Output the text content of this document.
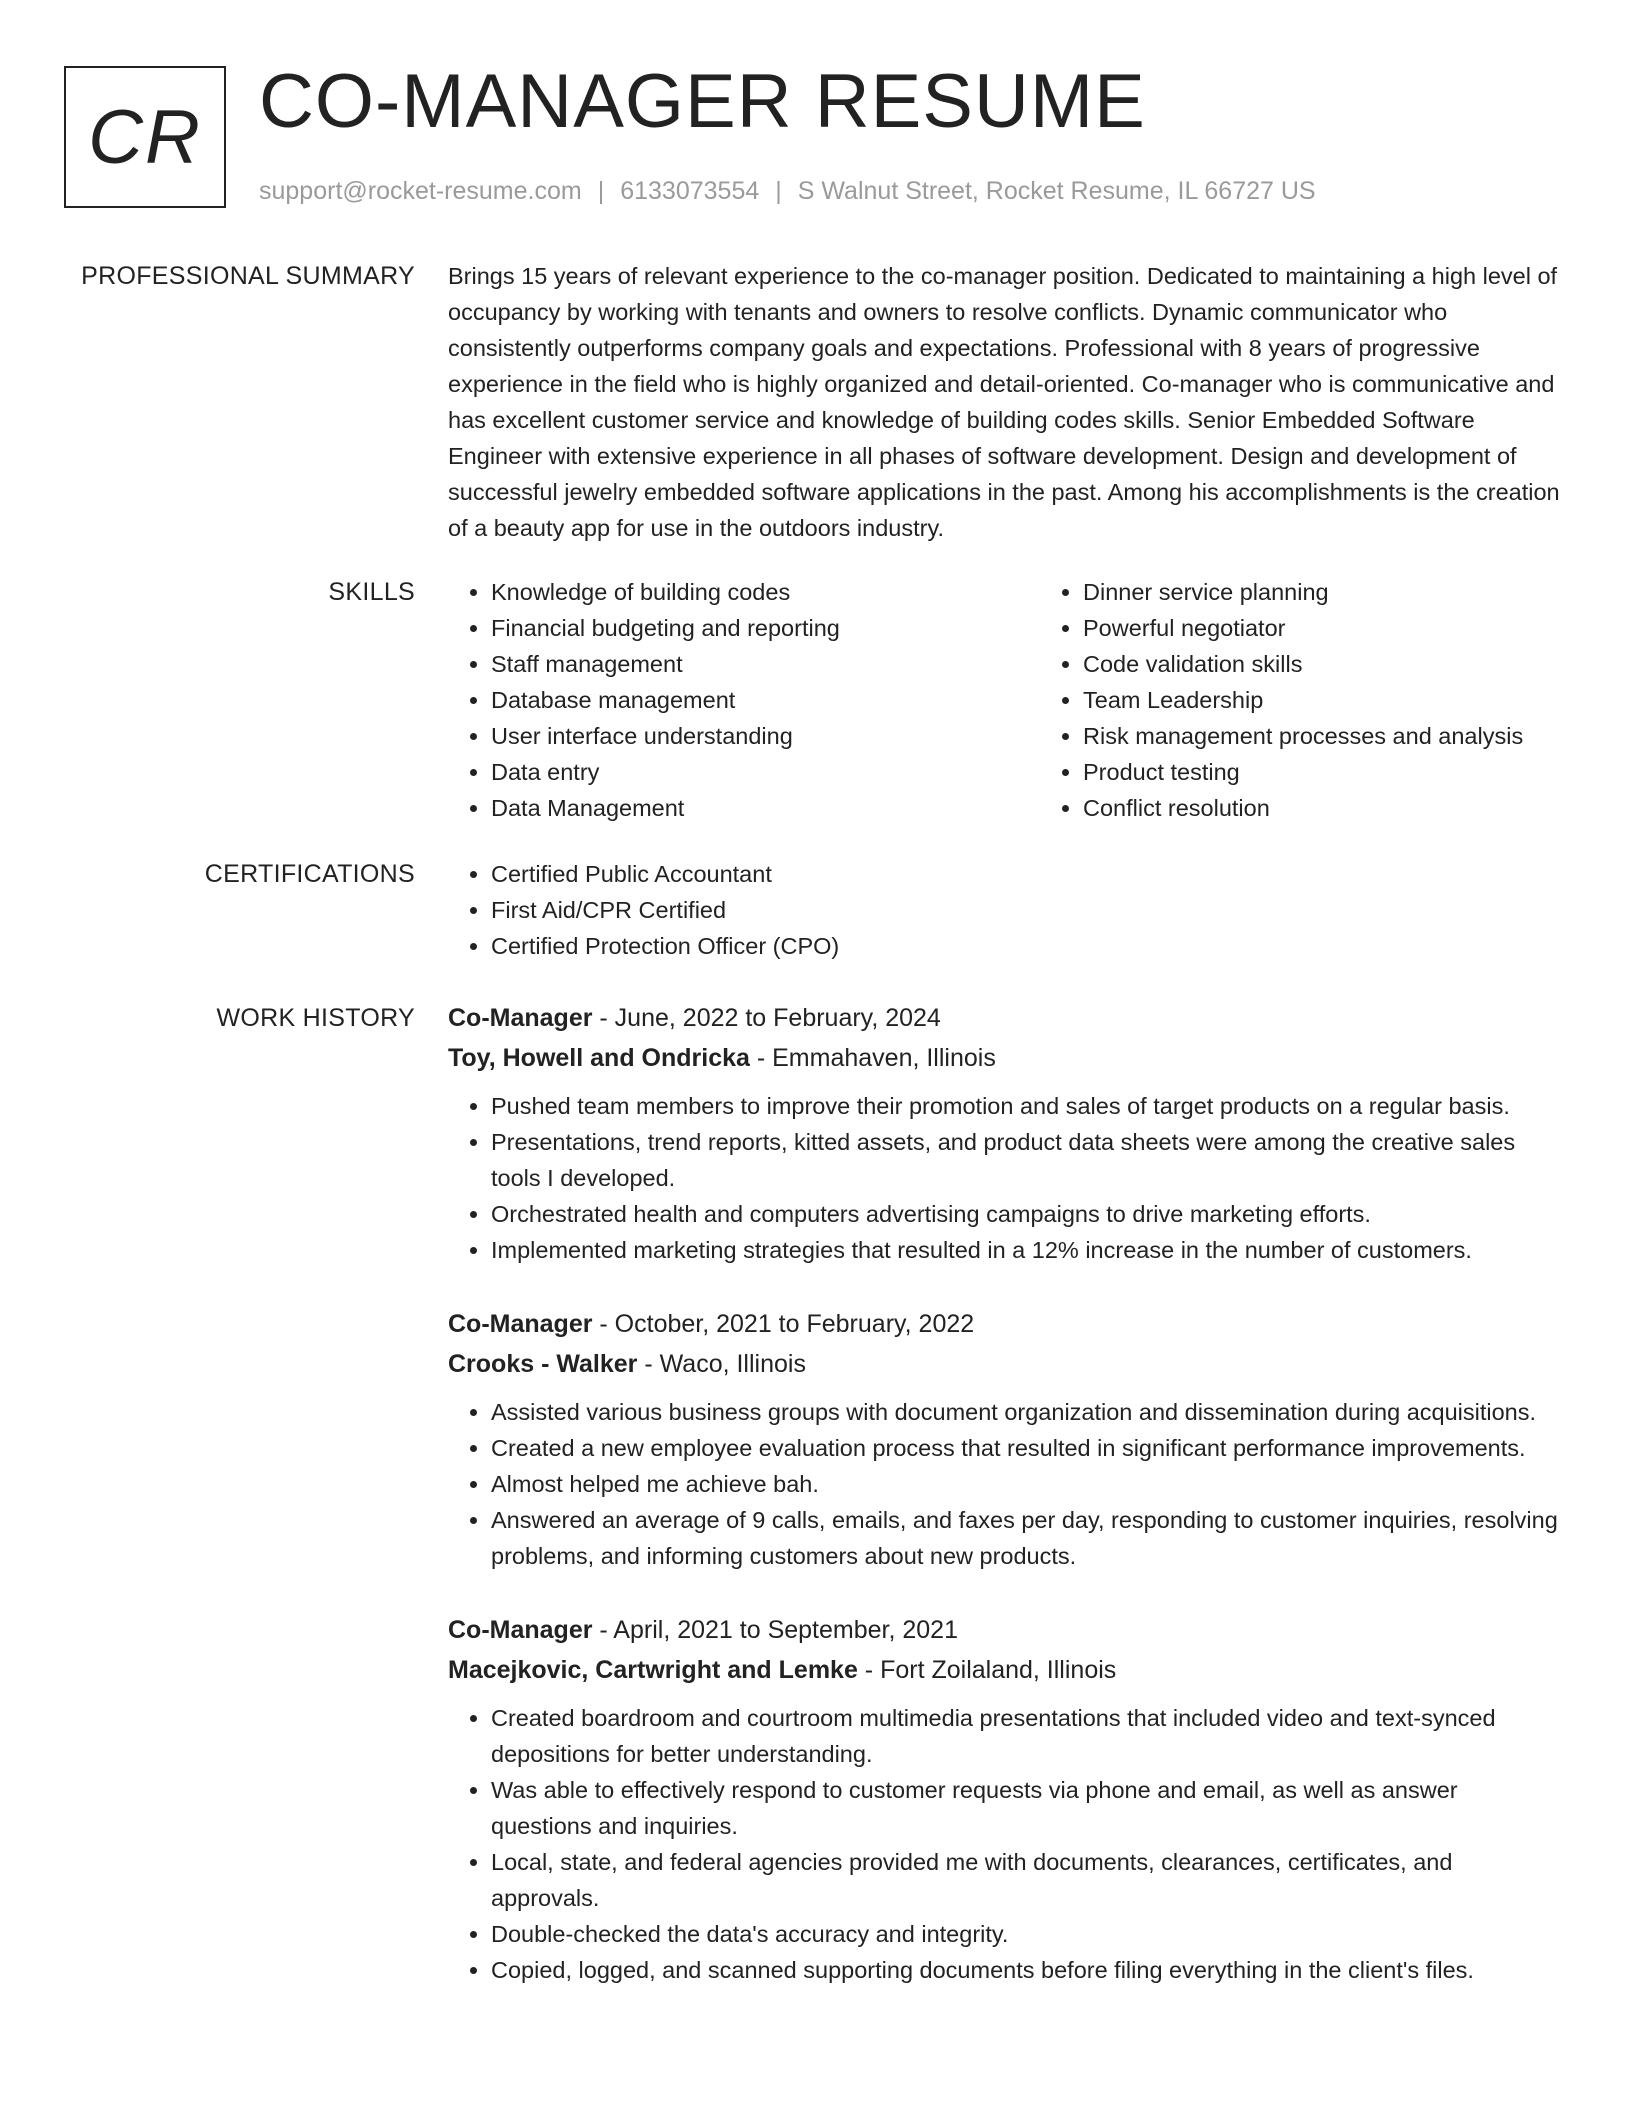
CR CO-MANAGER RESUME
support@rocket-resume.com | 6133073554 | S Walnut Street, Rocket Resume, IL 66727 US
PROFESSIONAL SUMMARY Brings 15 years of relevant experience to the co-manager position. Dedicated to maintaining a high level of occupancy by working with tenants and owners to resolve conflicts. Dynamic communicator who consistently outperforms company goals and expectations. Professional with 8 years of progressive experience in the field who is highly organized and detail-oriented. Co-manager who is communicative and has excellent customer service and knowledge of building codes skills. Senior Embedded Software Engineer with extensive experience in all phases of software development. Design and development of successful jewelry embedded software applications in the past. Among his accomplishments is the creation of a beauty app for use in the outdoors industry.

SKILLS	• Knowledge of building codes
• Financial budgeting and reporting
• Staff management
• Database management
• User interface understanding
• Data entry
• Data Management
• Dinner service planning
• Powerful negotiator
• Code validation skills
• Team Leadership
• Risk management processes and analysis
• Product testing
• Conflict resolution
CERTIFICATIONS	• Certified Public Accountant
• First Aid/CPR Certified
• Certified Protection Officer (CPO)
WORK HISTORY Co-Manager - June, 2022 to February, 2024
Toy, Howell and Ondricka - Emmahaven, Illinois
• Pushed team members to improve their promotion and sales of target products on a regular basis.
• Presentations, trend reports, kitted assets, and product data sheets were among the creative sales tools I developed.
• Orchestrated health and computers advertising campaigns to drive marketing efforts.
• Implemented marketing strategies that resulted in a 12% increase in the number of customers.
Co-Manager - October, 2021 to February, 2022
Crooks - Walker - Waco, Illinois
• Assisted various business groups with document organization and dissemination during acquisitions.
• Created a new employee evaluation process that resulted in significant performance improvements.
• Almost helped me achieve bah.
• Answered an average of 9 calls, emails, and faxes per day, responding to customer inquiries, resolving problems, and informing customers about new products.
Co-Manager - April, 2021 to September, 2021
Macejkovic, Cartwright and Lemke - Fort Zoilaland, Illinois
• Created boardroom and courtroom multimedia presentations that included video and text-synced depositions for better understanding.
• Was able to effectively respond to customer requests via phone and email, as well as answer questions and inquiries.
• Local, state, and federal agencies provided me with documents, clearances, certificates, and approvals.
• Double-checked the data's accuracy and integrity.
• Copied, logged, and scanned supporting documents before filing everything in the client's files.
